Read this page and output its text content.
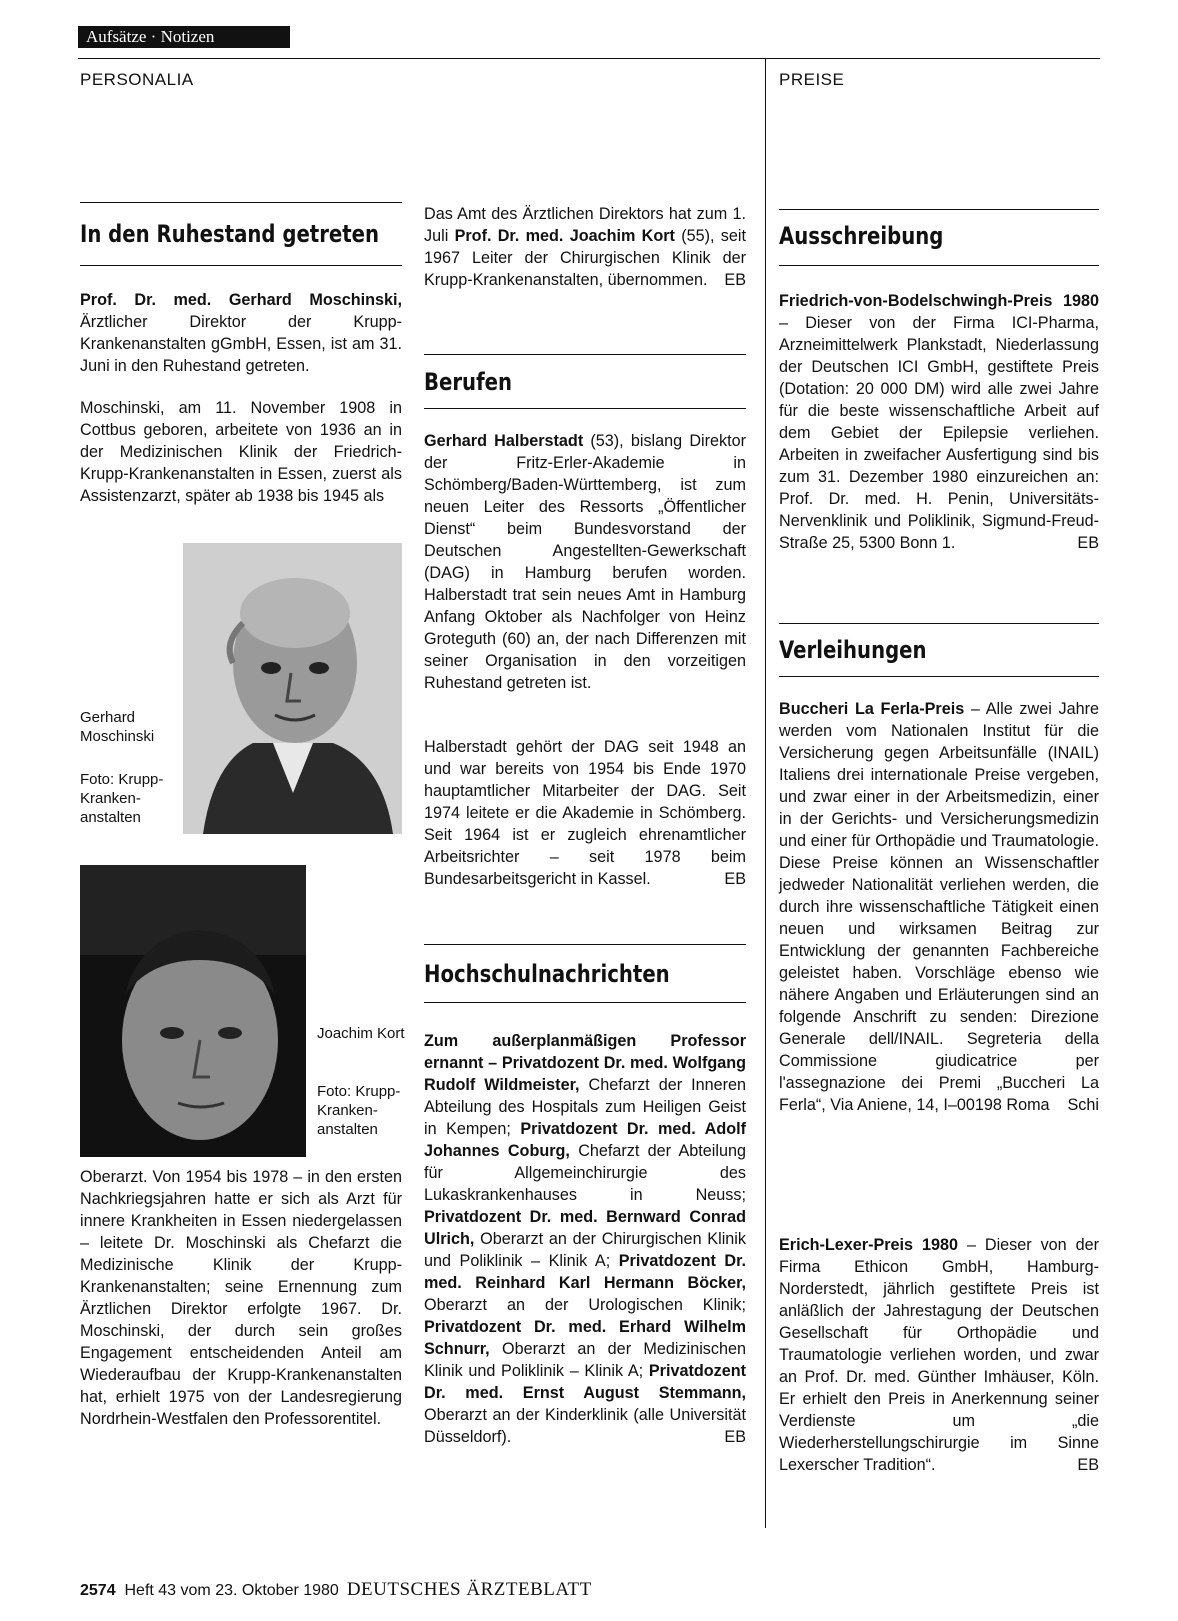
Aufsätze · Notizen
PERSONALIA	PREISE
In den Ruhestand getreten
Prof. Dr. med. Gerhard Moschinski, Ärztlicher Direktor der Krupp-Krankenanstalten gGmbH, Essen, ist am 31. Juni in den Ruhestand getreten.
Moschinski, am 11. November 1908 in Cottbus geboren, arbeitete von 1936 an in der Medizinischen Klinik der Friedrich-Krupp-Krankenanstalten in Essen, zuerst als Assistenzarzt, später ab 1938 bis 1945 als
Gerhard Moschinski
Foto: Krupp-Kranken-anstalten
Joachim Kort
Foto: Krupp-Kranken-anstalten
Oberarzt. Von 1954 bis 1978 – in den ersten Nachkriegsjahren hatte er sich als Arzt für innere Krankheiten in Essen niedergelassen – leitete Dr. Moschinski als Chefarzt die Medizinische Klinik der Krupp-Krankenanstalten; seine Ernennung zum Ärztlichen Direktor erfolgte 1967. Dr. Moschinski, der durch sein großes Engagement entscheidenden Anteil am Wiederaufbau der Krupp-Krankenanstalten hat, erhielt 1975 von der Landesregierung Nordrhein-Westfalen den Professorentitel.
Das Amt des Ärztlichen Direktors hat zum 1. Juli Prof. Dr. med. Joachim Kort (55), seit 1967 Leiter der Chirurgischen Klinik der Krupp-Krankenanstalten, übernommen. EB
Berufen
Gerhard Halberstadt (53), bislang Direktor der Fritz-Erler-Akademie in Schömberg/Baden-Württemberg, ist zum neuen Leiter des Ressorts „Öffentlicher Dienst“ beim Bundesvorstand der Deutschen Angestellten-Gewerkschaft (DAG) in Hamburg berufen worden. Halberstadt trat sein neues Amt in Hamburg Anfang Oktober als Nachfolger von Heinz Groteguth (60) an, der nach Differenzen mit seiner Organisation in den vorzeitigen Ruhestand getreten ist.
Halberstadt gehört der DAG seit 1948 an und war bereits von 1954 bis Ende 1970 hauptamtlicher Mitarbeiter der DAG. Seit 1974 leitete er die Akademie in Schömberg. Seit 1964 ist er zugleich ehrenamtlicher Arbeitsrichter – seit 1978 beim Bundesarbeitsgericht in Kassel.	EB
Hochschulnachrichten
Zum außerplanmäßigen Professor ernannt – Privatdozent Dr. med. Wolfgang Rudolf Wildmeister, Chefarzt der Inneren Abteilung des Hospitals zum Heiligen Geist in Kempen; Privatdozent Dr. med. Adolf Johannes Coburg, Chefarzt der Abteilung für Allgemeinchirurgie des Lukaskrankenhauses in Neuss; Privatdozent Dr. med. Bernward Conrad Ulrich, Oberarzt an der Chirurgischen Klinik und Poliklinik – Klinik A; Privatdozent Dr. med. Reinhard Karl Hermann Böcker, Oberarzt an der Urologischen Klinik; Privatdozent Dr. med. Erhard Wilhelm Schnurr, Oberarzt an der Medizinischen Klinik und Poliklinik – Klinik A; Privatdozent Dr. med. Ernst August Stemmann, Oberarzt an der Kinderklinik (alle Universität Düsseldorf).	EB
Ausschreibung
Friedrich-von-Bodelschwingh-Preis 1980 – Dieser von der Firma ICI-Pharma, Arzneimittelwerk Plankstadt, Niederlassung der Deutschen ICI GmbH, gestiftete Preis (Dotation: 20 000 DM) wird alle zwei Jahre für die beste wissenschaftliche Arbeit auf dem Gebiet der Epilepsie verliehen. Arbeiten in zweifacher Ausfertigung sind bis zum 31. Dezember 1980 einzureichen an: Prof. Dr. med. H. Penin, Universitäts-Nervenklinik und Poliklinik, Sigmund-Freud-Straße 25, 5300 Bonn 1.	EB
Verleihungen
Buccheri La Ferla-Preis – Alle zwei Jahre werden vom Nationalen Institut für die Versicherung gegen Arbeitsunfälle (INAIL) Italiens drei internationale Preise vergeben, und zwar einer in der Arbeitsmedizin, einer in der Gerichts- und Versicherungsmedizin und einer für Orthopädie und Traumatologie. Diese Preise können an Wissenschaftler jedweder Nationalität verliehen werden, die durch ihre wissenschaftliche Tätigkeit einen neuen und wirksamen Beitrag zur Entwicklung der genannten Fachbereiche geleistet haben. Vorschläge ebenso wie nähere Angaben und Erläuterungen sind an folgende Anschrift zu senden: Direzione Generale dell/INAIL. Segreteria della Commissione giudicatrice per l'assegnazione dei Premi „Buccheri La Ferla“, Via Aniene, 14, I–00198 Roma Schi
Erich-Lexer-Preis 1980 – Dieser von der Firma Ethicon GmbH, Hamburg-Norderstedt, jährlich gestiftete Preis ist anläßlich der Jahrestagung der Deutschen Gesellschaft für Orthopädie und Traumatologie verliehen worden, und zwar an Prof. Dr. med. Günther Imhäuser, Köln. Er erhielt den Preis in Anerkennung seiner Verdienste um „die Wiederherstellungschirurgie im Sinne Lexerscher Tradition“.	EB
2574 Heft 43 vom 23. Oktober 1980 DEUTSCHES ÄRZTEBLATT
